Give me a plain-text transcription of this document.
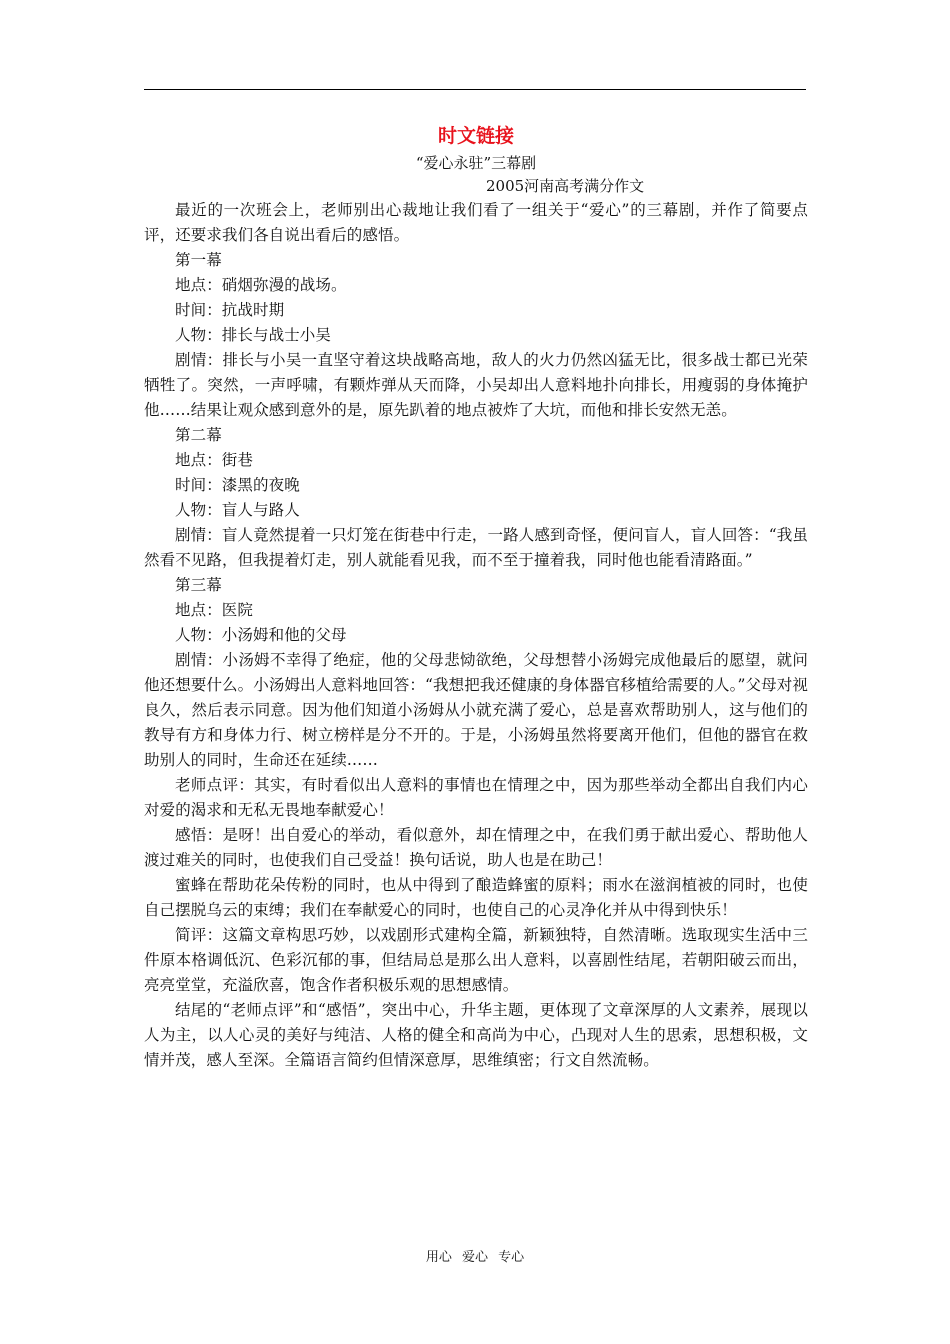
时文链接

“爱心永驻”三幕剧

2005河南高考满分作文

最近的一次班会上，老师别出心裁地让我们看了一组关于“爱心”的三幕剧，并作了简要点评，还要求我们各自说出看后的感悟。

第一幕

地点：硝烟弥漫的战场。

时间：抗战时期

人物：排长与战士小吴

剧情：排长与小吴一直坚守着这块战略高地，敌人的火力仍然凶猛无比，很多战士都已光荣牺牲了。突然，一声呼啸，有颗炸弹从天而降，小吴却出人意料地扑向排长，用瘦弱的身体掩护他……结果让观众感到意外的是，原先趴着的地点被炸了大坑，而他和排长安然无恙。

第二幕

地点：街巷

时间：漆黑的夜晚

人物：盲人与路人

剧情：盲人竟然提着一只灯笼在街巷中行走，一路人感到奇怪，便问盲人，盲人回答：“我虽然看不见路，但我提着灯走，别人就能看见我，而不至于撞着我，同时他也能看清路面。”

第三幕

地点：医院

人物：小汤姆和他的父母

剧情：小汤姆不幸得了绝症，他的父母悲恸欲绝，父母想替小汤姆完成他最后的愿望，就问他还想要什么。小汤姆出人意料地回答：“我想把我还健康的身体器官移植给需要的人。”父母对视良久，然后表示同意。因为他们知道小汤姆从小就充满了爱心，总是喜欢帮助别人，这与他们的教导有方和身体力行、树立榜样是分不开的。于是，小汤姆虽然将要离开他们，但他的器官在救助别人的同时，生命还在延续……

老师点评：其实，有时看似出人意料的事情也在情理之中，因为那些举动全都出自我们内心对爱的渴求和无私无畏地奉献爱心！

感悟：是呀！出自爱心的举动，看似意外，却在情理之中，在我们勇于献出爱心、帮助他人渡过难关的同时，也使我们自己受益！换句话说，助人也是在助己！

蜜蜂在帮助花朵传粉的同时，也从中得到了酿造蜂蜜的原料；雨水在滋润植被的同时，也使自己摆脱乌云的束缚；我们在奉献爱心的同时，也使自己的心灵净化并从中得到快乐！

简评：这篇文章构思巧妙，以戏剧形式建构全篇，新颖独特，自然清晰。选取现实生活中三件原本格调低沉、色彩沉郁的事，但结局总是那么出人意料，以喜剧性结尾，若朝阳破云而出，亮亮堂堂，充溢欣喜，饱含作者积极乐观的思想感情。

结尾的“老师点评”和“感悟”，突出中心，升华主题，更体现了文章深厚的人文素养，展现以人为主，以人心灵的美好与纯洁、人格的健全和高尚为中心，凸现对人生的思索，思想积极，文情并茂，感人至深。全篇语言简约但情深意厚，思维缜密；行文自然流畅。

用心 爱心 专心
